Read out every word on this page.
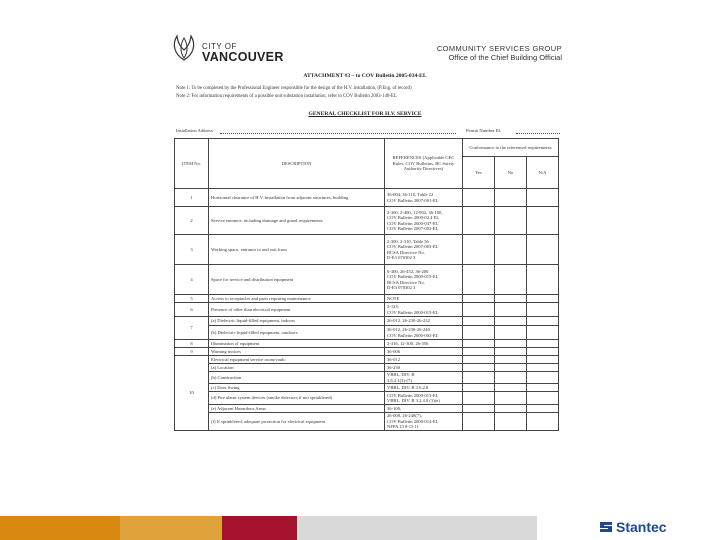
CITY OF
VANCOUVER
COMMUNITY SERVICES GROUP
Office of the Chief Building Official
ATTACHMENT #3 – to COV Bulletin 2005-034-EL
Note 1: To be completed by the Professional Engineer responsible for the design of the H.V. installation, (P.Eng. of record)
Note 2: For information requirements of a possible unit substation installation, refer to COV Bulletin 2003-148-EL
GENERAL CHECKLIST FOR H.V. SERVICE
Installation Address	Permit Number EL
ITEM No.	DESCRIPTION	REFERENCES (Applicable CEC Rules, COV Bulletins, BC Safety Authority Directives)	Conformance to the referenced requirements		
			Yes	No	N/A
1	Horizontal clearance of H.V. installation from adjacent structures, building	36-004, 36-110, Table 22
COV Bulletin 2007-001-EL			

2	Service entrance, including drainage and guard requirements	2-300, 2-400, 12-902, 36-100,
COV Bulletin 2000-02.4 EL
COV Bulletin 2000-037-EL
COV Bulletin 2007-002-EL			

3	Working space, entrance to and exit from	2-300, 2-310, Table 56
COV Bulletin 2007-003-EL
BCSA Directive No.
D-E3 070302 3			

4	Space for service and distribution equipment	6-300, 26-452, 36-200
COV Bulletin 2000-015-EL
BCSA Directive No.
D-E3 070302 3			

5	Access to receptacles and parts requiring maintenance	NOTE			

6	Presence of other than electrical equipment	2-123,
COV Bulletin 2000-015-EL			

7	(a) Dielectric liquid-filled equipment, indoors	26-012, 26-230-26-232			

	(b) Dielectric liquid-filled equipment, outdoors	36-012, 26-230-26-240
COV Bulletin 2000-003-EL			

8	Illumination of equipment	2-316, 12-300, 26-356			

9	Warning notices	36-006			

10	Electrical equipment service room/vault:	36-012			

	(a) Location	36-230			

	(b) Construction	VBBL, DIV. B
3.6.2.1(3)-(7)			

	(c) Door Swing	VBBL, DIV. B 3.6.2.8			

	(d) Fire alarm system devices (smoke detectors if not sprinklered)	COV Bulletin 2000-013-EL
VBBL, DIV. B 3.2.4.8 (3)(e)			

	(e) Adjacent Hazardous Areas	36-100,			

	(f) If sprinklered, adequate protection for electrical equipment	26-008, 26-248(7),
COV Bulletin 2000-014-EL
NFPA 13 8-15.11			

Stantec
